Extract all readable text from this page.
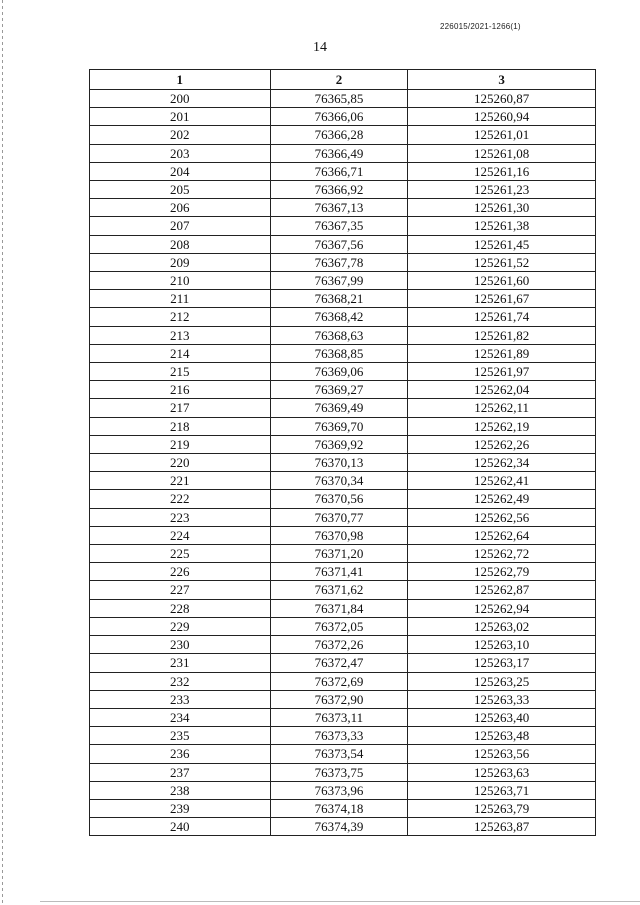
226015/2021-1266(1)
14
1	2	3
200	76365,85	125260,87
201	76366,06	125260,94
202	76366,28	125261,01
203	76366,49	125261,08
204	76366,71	125261,16
205	76366,92	125261,23
206	76367,13	125261,30
207	76367,35	125261,38
208	76367,56	125261,45
209	76367,78	125261,52
210	76367,99	125261,60
211	76368,21	125261,67
212	76368,42	125261,74
213	76368,63	125261,82
214	76368,85	125261,89
215	76369,06	125261,97
216	76369,27	125262,04
217	76369,49	125262,11
218	76369,70	125262,19
219	76369,92	125262,26
220	76370,13	125262,34
221	76370,34	125262,41
222	76370,56	125262,49
223	76370,77	125262,56
224	76370,98	125262,64
225	76371,20	125262,72
226	76371,41	125262,79
227	76371,62	125262,87
228	76371,84	125262,94
229	76372,05	125263,02
230	76372,26	125263,10
231	76372,47	125263,17
232	76372,69	125263,25
233	76372,90	125263,33
234	76373,11	125263,40
235	76373,33	125263,48
236	76373,54	125263,56
237	76373,75	125263,63
238	76373,96	125263,71
239	76374,18	125263,79
240	76374,39	125263,87
